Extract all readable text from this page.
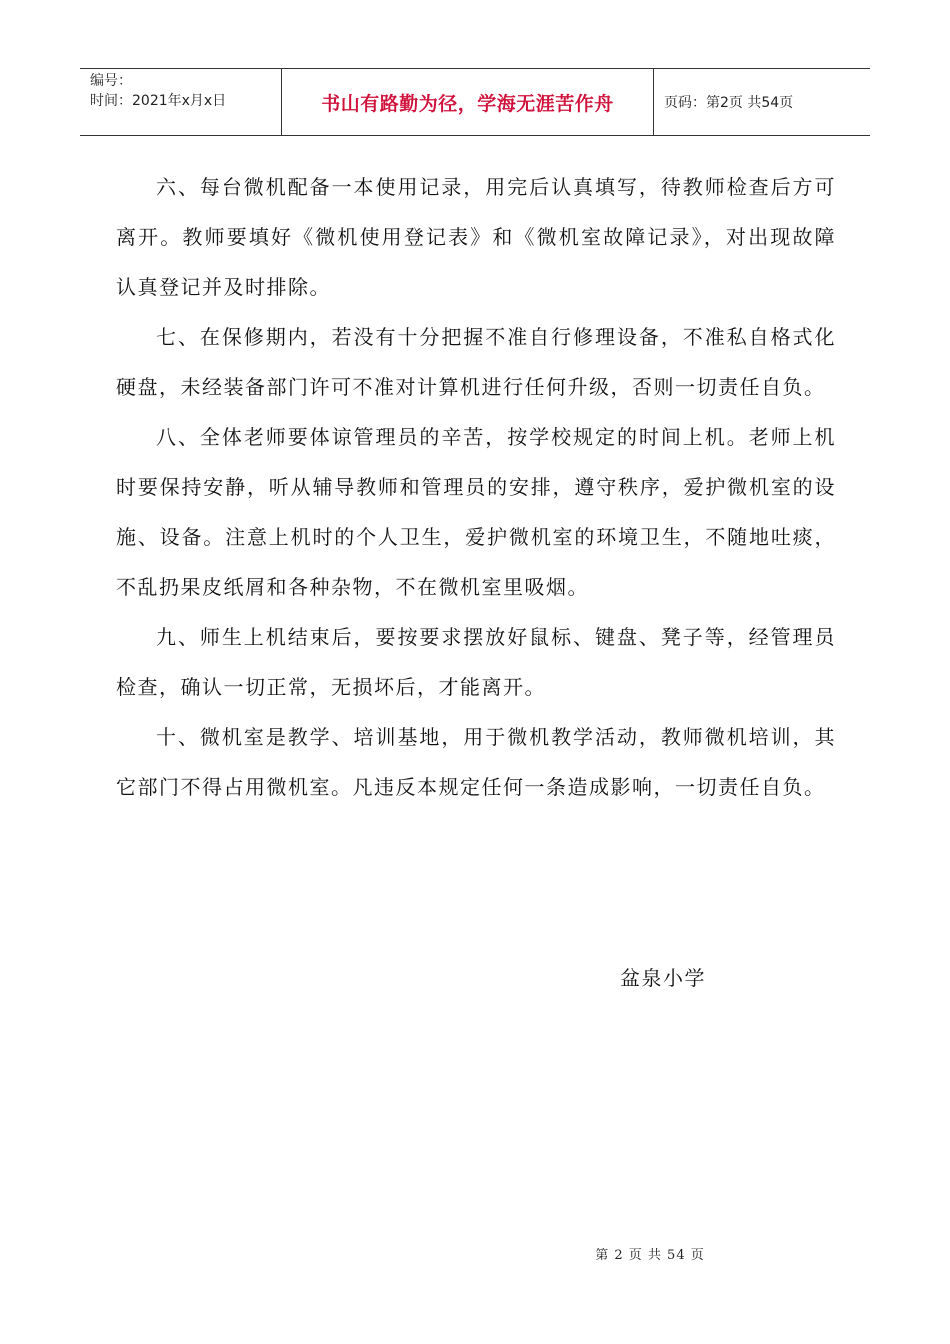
编号：
时间：2021年x月x日	书山有路勤为径，学海无涯苦作舟	页码：第2页 共54页

六、每台微机配备一本使用记录，用完后认真填写，待教师检查后方可离开。教师要填好《微机使用登记表》和《微机室故障记录》，对出现故障认真登记并及时排除。

七、在保修期内，若没有十分把握不准自行修理设备，不准私自格式化硬盘，未经装备部门许可不准对计算机进行任何升级，否则一切责任自负。

八、全体老师要体谅管理员的辛苦，按学校规定的时间上机。老师上机时要保持安静，听从辅导教师和管理员的安排，遵守秩序，爱护微机室的设施、设备。注意上机时的个人卫生，爱护微机室的环境卫生，不随地吐痰，不乱扔果皮纸屑和各种杂物，不在微机室里吸烟。

九、师生上机结束后，要按要求摆放好鼠标、键盘、凳子等，经管理员检查，确认一切正常，无损坏后，才能离开。

十、微机室是教学、培训基地，用于微机教学活动，教师微机培训，其它部门不得占用微机室。凡违反本规定任何一条造成影响，一切责任自负。

盆泉小学
第 2 页 共 54 页
